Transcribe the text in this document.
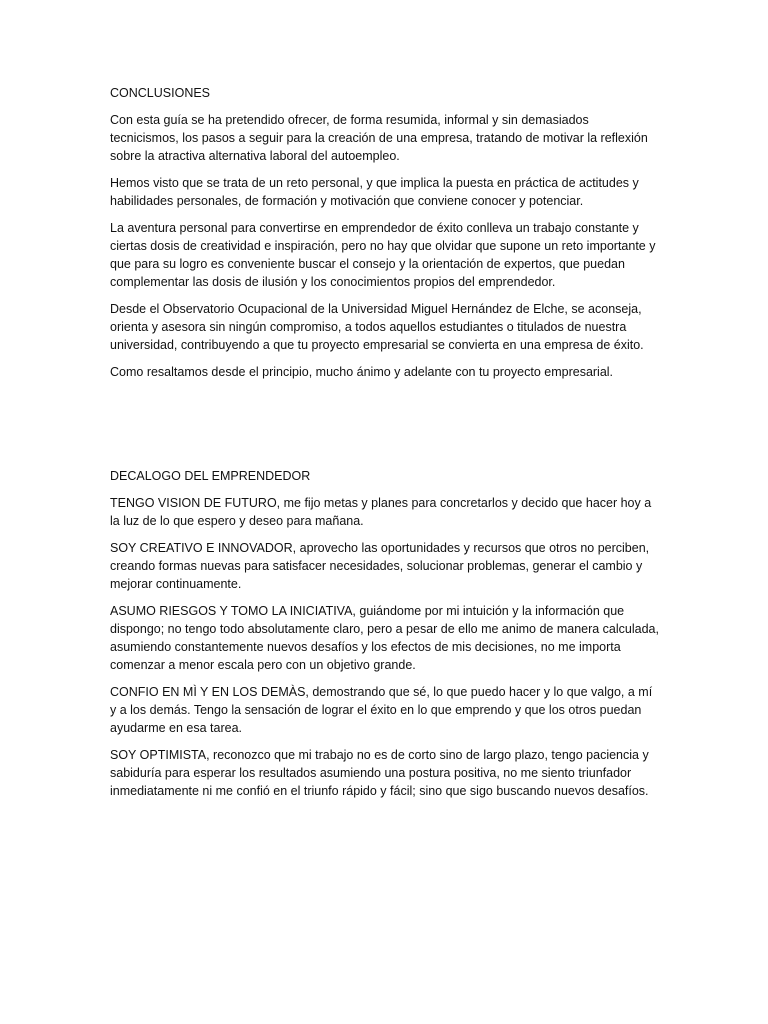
CONCLUSIONES

Con esta guía se ha pretendido ofrecer, de forma resumida, informal y sin demasiados tecnicismos, los pasos a seguir para la creación de una empresa, tratando de motivar la reflexión sobre la atractiva alternativa laboral del autoempleo.

Hemos visto que se trata de un reto personal, y que implica la puesta en práctica de actitudes y habilidades personales, de formación y motivación que conviene conocer y potenciar.

La aventura personal para convertirse en emprendedor de éxito conlleva un trabajo constante y ciertas dosis de creatividad e inspiración, pero no hay que olvidar que supone un reto importante y que para su logro es conveniente buscar el consejo y la orientación de expertos, que puedan complementar las dosis de ilusión y los conocimientos propios del emprendedor.

Desde el Observatorio Ocupacional de la Universidad Miguel Hernández de Elche, se aconseja, orienta y asesora sin ningún compromiso, a todos aquellos estudiantes o titulados de nuestra universidad, contribuyendo a que tu proyecto empresarial se convierta en una empresa de éxito.

Como resaltamos desde el principio, mucho ánimo y adelante con tu proyecto empresarial.

DECALOGO DEL EMPRENDEDOR

TENGO VISION DE FUTURO, me fijo metas y planes para concretarlos y decido que hacer hoy a la luz de lo que espero y deseo para mañana.

SOY CREATIVO E INNOVADOR, aprovecho las oportunidades y recursos que otros no perciben, creando formas nuevas para satisfacer necesidades, solucionar problemas, generar el cambio y mejorar continuamente.

ASUMO RIESGOS Y TOMO LA INICIATIVA, guiándome por mi intuición y la información que dispongo; no tengo todo absolutamente claro, pero a pesar de ello me animo de manera calculada, asumiendo constantemente nuevos desafíos y los efectos de mis decisiones, no me importa comenzar a menor escala pero con un objetivo grande.

CONFIO EN MÌ Y EN LOS DEMÀS, demostrando que sé, lo que puedo hacer y lo que valgo, a mí y a los demás. Tengo la sensación de lograr el éxito en lo que emprendo y que los otros puedan ayudarme en esa tarea.

SOY OPTIMISTA, reconozco que mi trabajo no es de corto sino de largo plazo, tengo paciencia y sabiduría para esperar los resultados asumiendo una postura positiva, no me siento triunfador inmediatamente ni me confió en el triunfo rápido y fácil; sino que sigo buscando nuevos desafíos.
